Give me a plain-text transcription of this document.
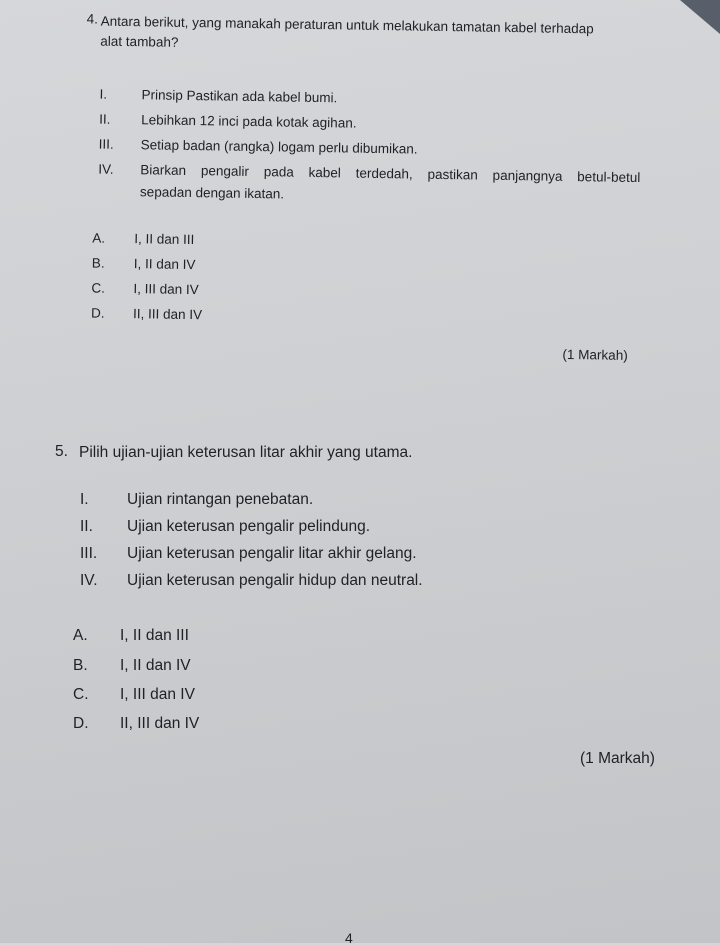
4. Antara berikut, yang manakah peraturan untuk melakukan tamatan kabel terhadap
alat tambah?
I.	Prinsip Pastikan ada kabel bumi.
II. Lebihkan 12 inci pada kotak agihan.
III. Setiap badan (rangka) logam perlu dibumikan.
IV. Biarkan pengalir pada kabel terdedah, pastikan panjangnya betul-betul
sepadan dengan ikatan.
A. I, II dan III
B. I, II dan IV
C. I, III dan IV
D. II, III dan IV
(1 Markah)
5. Pilih ujian-ujian keterusan litar akhir yang utama.
I. Ujian rintangan penebatan.
II. Ujian keterusan pengalir pelindung.
III. Ujian keterusan pengalir litar akhir gelang.
IV. Ujian keterusan pengalir hidup dan neutral.
A. I, II dan III
B. I, II dan IV
C. I, III dan IV
D. II, III dan IV
(1 Markah)
4
